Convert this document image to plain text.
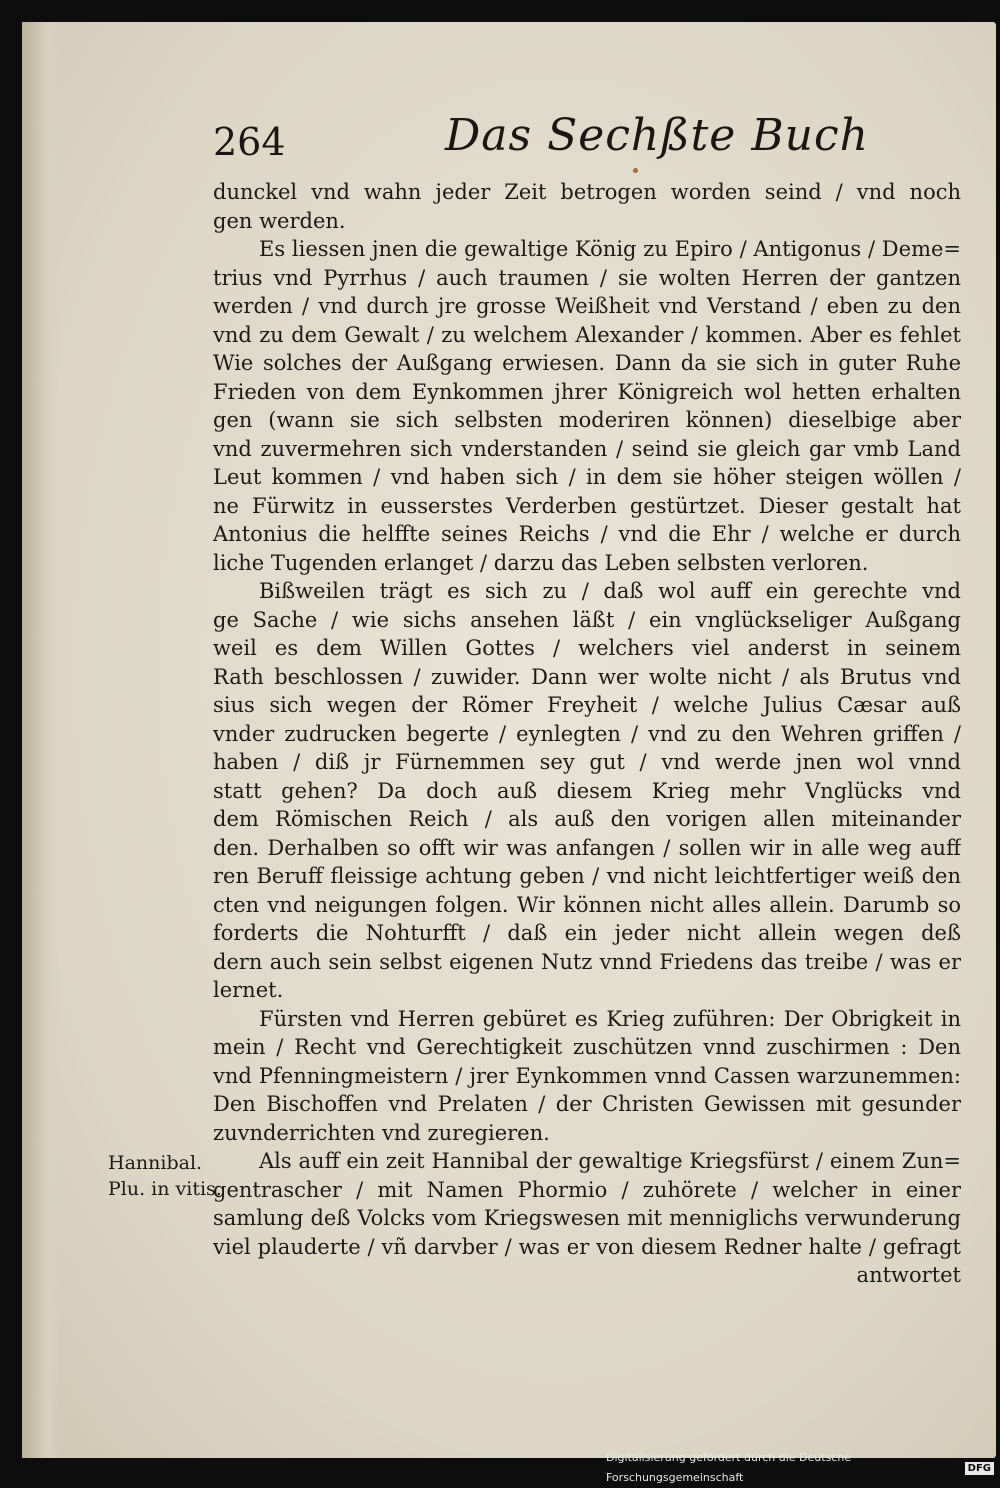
264	Das Sechßte Buch
dunckel vnd wahn jeder Zeit betrogen worden seind / vnd noch
gen werden.
Es liessen jnen die gewaltige König zu Epiro / Antigonus / Deme=
trius vnd Pyrrhus / auch traumen / sie wolten Herren der gantzen
werden / vnd durch jre grosse Weißheit vnd Verstand / eben zu den
vnd zu dem Gewalt / zu welchem Alexander / kommen. Aber es fehlet
Wie solches der Außgang erwiesen. Dann da sie sich in guter Ruhe
Frieden von dem Eynkommen jhrer Königreich wol hetten erhalten
gen (wann sie sich selbsten moderiren können) dieselbige aber
vnd zuvermehren sich vnderstanden / seind sie gleich gar vmb Land
Leut kommen / vnd haben sich / in dem sie höher steigen wöllen /
ne Fürwitz in eusserstes Verderben gestürtzet. Dieser gestalt hat
Antonius die helffte seines Reichs / vnd die Ehr / welche er durch
liche Tugenden erlanget / darzu das Leben selbsten verloren.
Bißweilen trägt es sich zu / daß wol auff ein gerechte vnd
ge Sache / wie sichs ansehen läßt / ein vnglückseliger Außgang
weil es dem Willen Gottes / welchers viel anderst in seinem
Rath beschlossen / zuwider. Dann wer wolte nicht / als Brutus vnd
sius sich wegen der Römer Freyheit / welche Julius Cæsar auß
vnder zudrucken begerte / eynlegten / vnd zu den Wehren griffen /
haben / diß jr Fürnemmen sey gut / vnd werde jnen wol vnnd
statt gehen? Da doch auß diesem Krieg mehr Vnglücks vnd
dem Römischen Reich / als auß den vorigen allen miteinander
den. Derhalben so offt wir was anfangen / sollen wir in alle weg auff
ren Beruff fleissige achtung geben / vnd nicht leichtfertiger weiß den
cten vnd neigungen folgen. Wir können nicht alles allein. Darumb so
forderts die Nohturfft / daß ein jeder nicht allein wegen deß
dern auch sein selbst eigenen Nutz vnnd Friedens das treibe / was er
lernet.
Fürsten vnd Herren gebüret es Krieg zuführen: Der Obrigkeit in
mein / Recht vnd Gerechtigkeit zuschützen vnnd zuschirmen : Den
vnd Pfenningmeistern / jrer Eynkommen vnnd Cassen warzunemmen:
Den Bischoffen vnd Prelaten / der Christen Gewissen mit gesunder
zuvnderrichten vnd zuregieren.
Als auff ein zeit Hannibal der gewaltige Kriegsfürst / einem Zun=
gentrascher / mit Namen Phormio / zuhörete / welcher in einer
samlung deß Volcks vom Kriegswesen mit menniglichs verwunderung
viel plauderte / vñ darvber / was er von diesem Redner halte / gefragt
antwortet
Hannibal.
Plu. in vitis.
Digitalisierung gefördert durch die Deutsche Forschungsgemeinschaft
DFG
